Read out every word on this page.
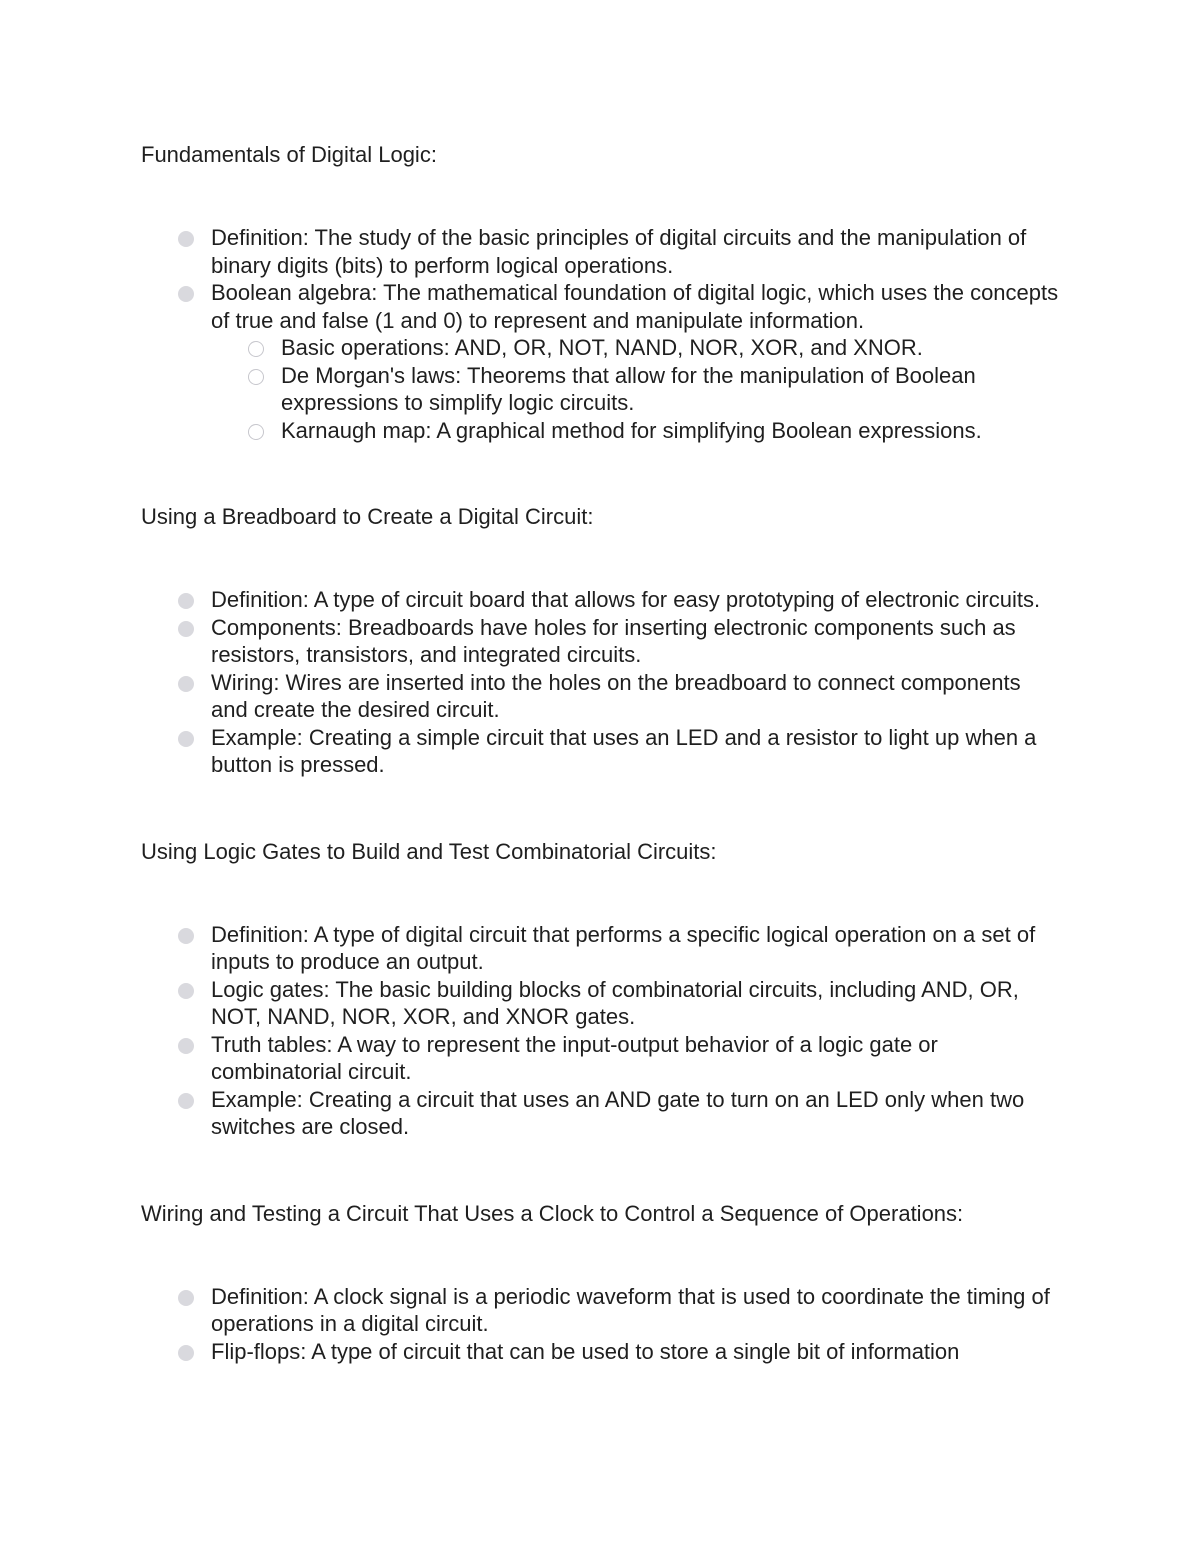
Fundamentals of Digital Logic:

Definition: The study of the basic principles of digital circuits and the manipulation of binary digits (bits) to perform logical operations.
Boolean algebra: The mathematical foundation of digital logic, which uses the concepts of true and false (1 and 0) to represent and manipulate information.
Basic operations: AND, OR, NOT, NAND, NOR, XOR, and XNOR.
De Morgan's laws: Theorems that allow for the manipulation of Boolean expressions to simplify logic circuits.
Karnaugh map: A graphical method for simplifying Boolean expressions.

Using a Breadboard to Create a Digital Circuit:

Definition: A type of circuit board that allows for easy prototyping of electronic circuits.
Components: Breadboards have holes for inserting electronic components such as resistors, transistors, and integrated circuits.
Wiring: Wires are inserted into the holes on the breadboard to connect components and create the desired circuit.
Example: Creating a simple circuit that uses an LED and a resistor to light up when a button is pressed.

Using Logic Gates to Build and Test Combinatorial Circuits:

Definition: A type of digital circuit that performs a specific logical operation on a set of inputs to produce an output.
Logic gates: The basic building blocks of combinatorial circuits, including AND, OR, NOT, NAND, NOR, XOR, and XNOR gates.
Truth tables: A way to represent the input-output behavior of a logic gate or combinatorial circuit.
Example: Creating a circuit that uses an AND gate to turn on an LED only when two switches are closed.

Wiring and Testing a Circuit That Uses a Clock to Control a Sequence of Operations:

Definition: A clock signal is a periodic waveform that is used to coordinate the timing of operations in a digital circuit.
Flip-flops: A type of circuit that can be used to store a single bit of information
